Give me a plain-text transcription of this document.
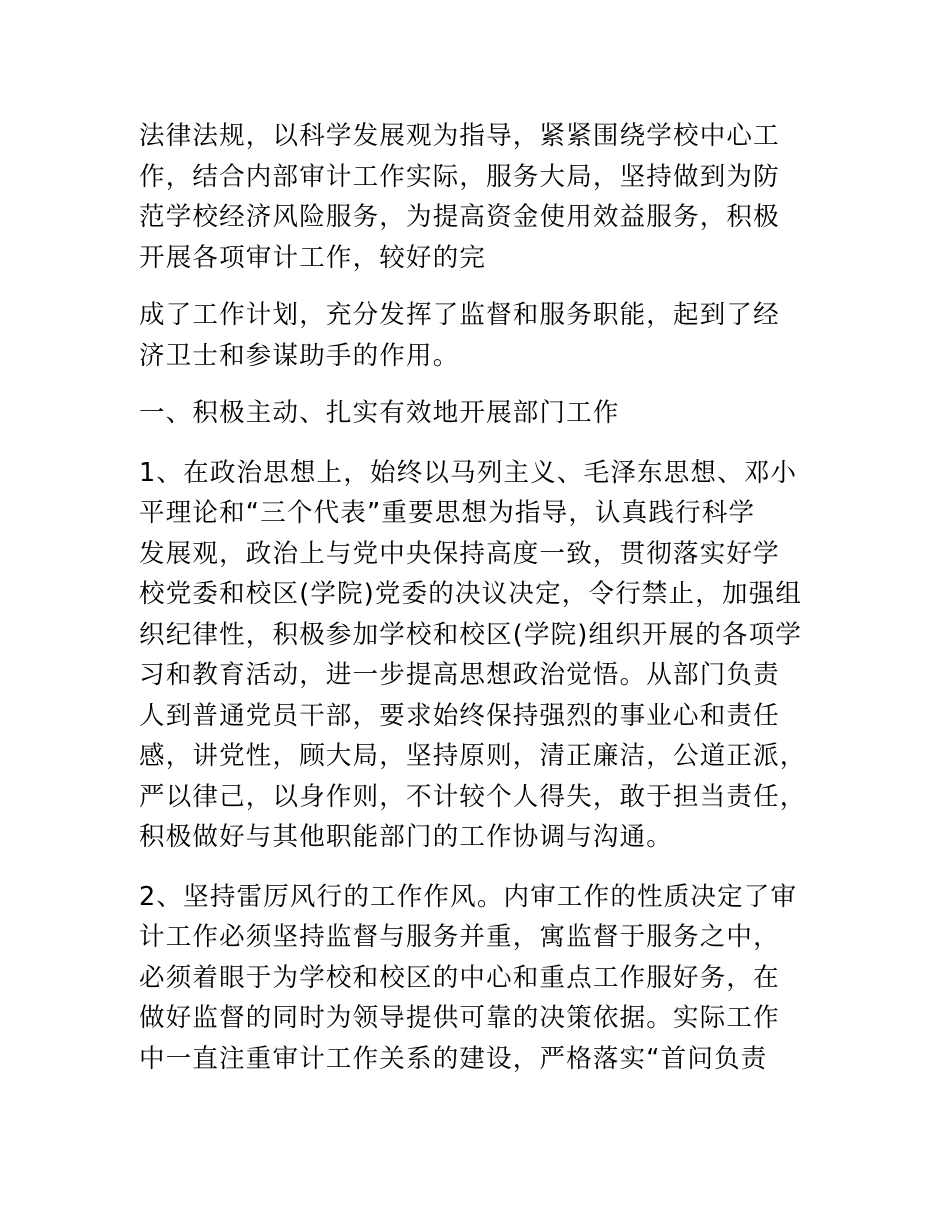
法律法规，以科学发展观为指导，紧紧围绕学校中心工
作，结合内部审计工作实际，服务大局，坚持做到为防
范学校经济风险服务，为提高资金使用效益服务，积极
开展各项审计工作，较好的完

成了工作计划，充分发挥了监督和服务职能，起到了经
济卫士和参谋助手的作用。

一、积极主动、扎实有效地开展部门工作

1、在政治思想上，始终以马列主义、毛泽东思想、邓小
平理论和“三个代表”重要思想为指导，认真践行科学
发展观，政治上与党中央保持高度一致，贯彻落实好学
校党委和校区(学院)党委的决议决定，令行禁止，加强组
织纪律性，积极参加学校和校区(学院)组织开展的各项学
习和教育活动，进一步提高思想政治觉悟。从部门负责
人到普通党员干部，要求始终保持强烈的事业心和责任
感，讲党性，顾大局，坚持原则，清正廉洁，公道正派，
严以律己，以身作则，不计较个人得失，敢于担当责任，
积极做好与其他职能部门的工作协调与沟通。

2、坚持雷厉风行的工作作风。内审工作的性质决定了审
计工作必须坚持监督与服务并重，寓监督于服务之中，
必须着眼于为学校和校区的中心和重点工作服好务，在
做好监督的同时为领导提供可靠的决策依据。实际工作
中一直注重审计工作关系的建设，严格落实“首问负责
